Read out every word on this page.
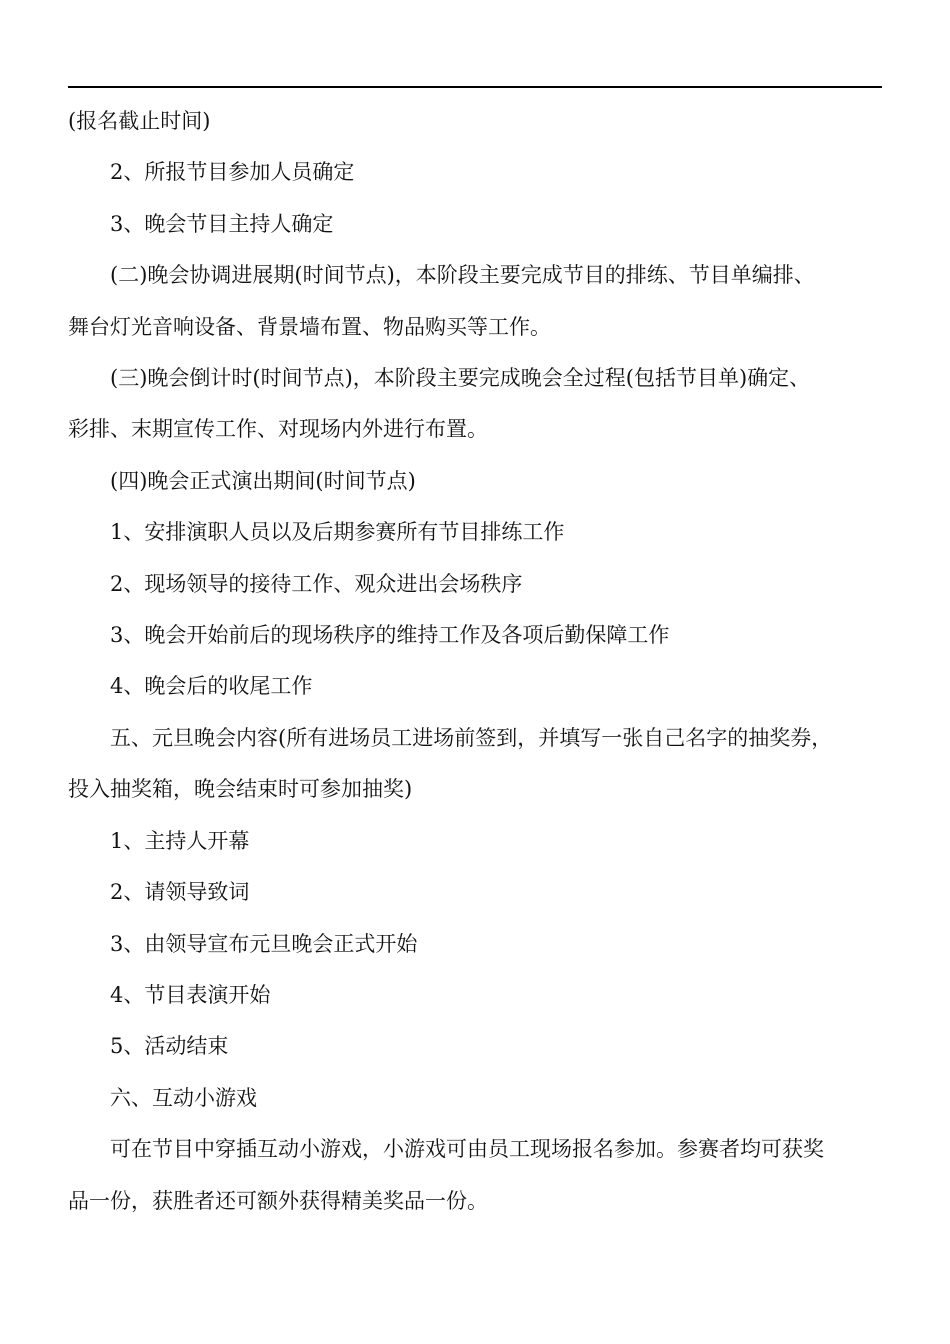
(报名截止时间)

2、所报节目参加人员确定

3、晚会节目主持人确定

(二)晚会协调进展期(时间节点)，本阶段主要完成节目的排练、节目单编排、

舞台灯光音响设备、背景墙布置、物品购买等工作。

(三)晚会倒计时(时间节点)，本阶段主要完成晚会全过程(包括节目单)确定、

彩排、末期宣传工作、对现场内外进行布置。

(四)晚会正式演出期间(时间节点)

1、安排演职人员以及后期参赛所有节目排练工作

2、现场领导的接待工作、观众进出会场秩序

3、晚会开始前后的现场秩序的维持工作及各项后勤保障工作

4、晚会后的收尾工作

五、元旦晚会内容(所有进场员工进场前签到，并填写一张自己名字的抽奖券，

投入抽奖箱，晚会结束时可参加抽奖)

1、主持人开幕

2、请领导致词

3、由领导宣布元旦晚会正式开始

4、节目表演开始

5、活动结束

六、互动小游戏

可在节目中穿插互动小游戏，小游戏可由员工现场报名参加。参赛者均可获奖

品一份，获胜者还可额外获得精美奖品一份。
